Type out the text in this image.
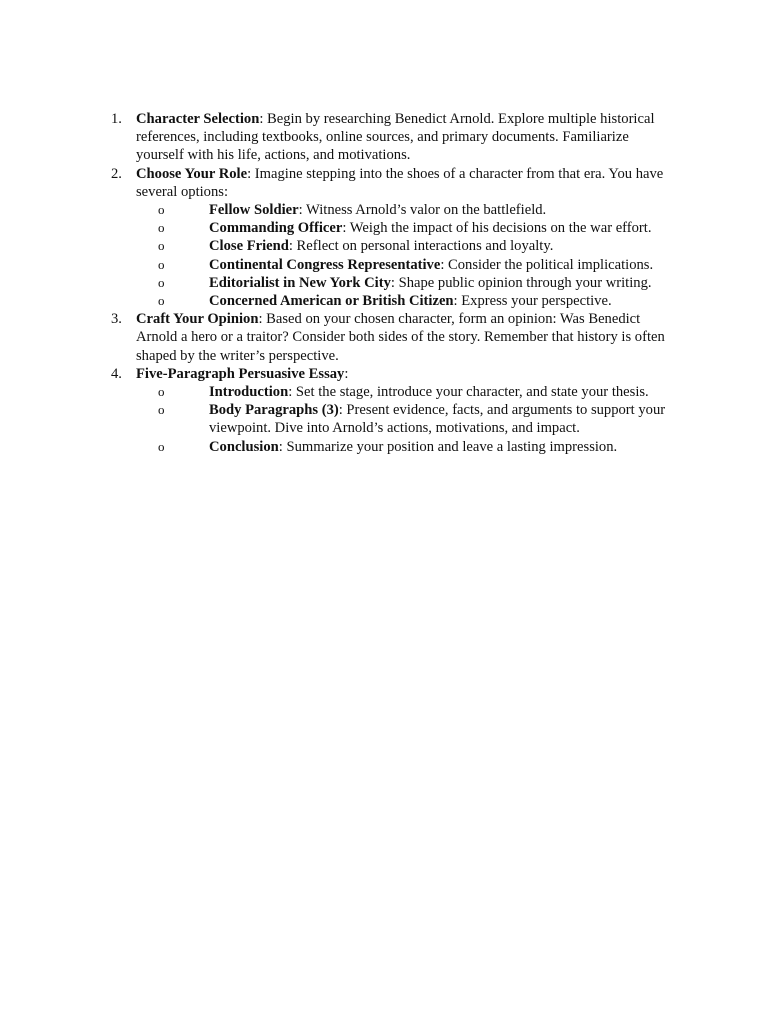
1. Character Selection: Begin by researching Benedict Arnold. Explore multiple historical references, including textbooks, online sources, and primary documents. Familiarize yourself with his life, actions, and motivations.
2. Choose Your Role: Imagine stepping into the shoes of a character from that era. You have several options:
o	Fellow Soldier: Witness Arnold’s valor on the battlefield.
o	Commanding Officer: Weigh the impact of his decisions on the war effort.
o	Close Friend: Reflect on personal interactions and loyalty.
o	Continental Congress Representative: Consider the political implications.
o	Editorialist in New York City: Shape public opinion through your writing.
o	Concerned American or British Citizen: Express your perspective.
3. Craft Your Opinion: Based on your chosen character, form an opinion: Was Benedict Arnold a hero or a traitor? Consider both sides of the story. Remember that history is often shaped by the writer’s perspective.
4. Five-Paragraph Persuasive Essay:
o	Introduction: Set the stage, introduce your character, and state your thesis.
o	Body Paragraphs (3): Present evidence, facts, and arguments to support your viewpoint. Dive into Arnold’s actions, motivations, and impact.
o	Conclusion: Summarize your position and leave a lasting impression.
